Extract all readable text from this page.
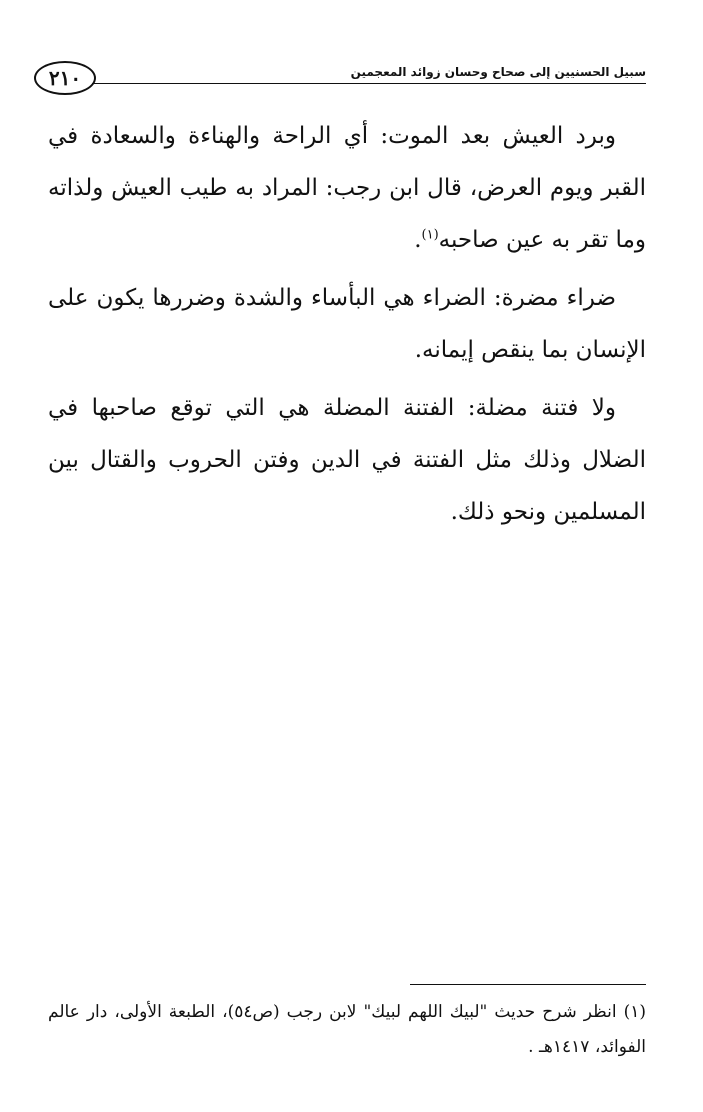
٢١٠	سبيل الحسنيين إلى صحاح وحسان زوائد المعجمين

وبرد العيش بعد الموت: أي الراحة والهناءة والسعادة في القبر ويوم العرض، قال ابن رجب: المراد به طيب العيش ولذاته وما تقر به عين صاحبه$^{(١)}$.

ضراء مضرة: الضراء هي البأساء والشدة وضررها يكون على الإنسان بما ينقص إيمانه.

ولا فتنة مضلة: الفتنة المضلة هي التي توقع صاحبها في الضلال وذلك مثل الفتنة في الدين وفتن الحروب والقتال بين المسلمين ونحو ذلك.

(١) انظر شرح حديث "لبيك اللهم لبيك" لابن رجب (ص٥٤)، الطبعة الأولى، دار عالم الفوائد، ١٤١٧هـ .
